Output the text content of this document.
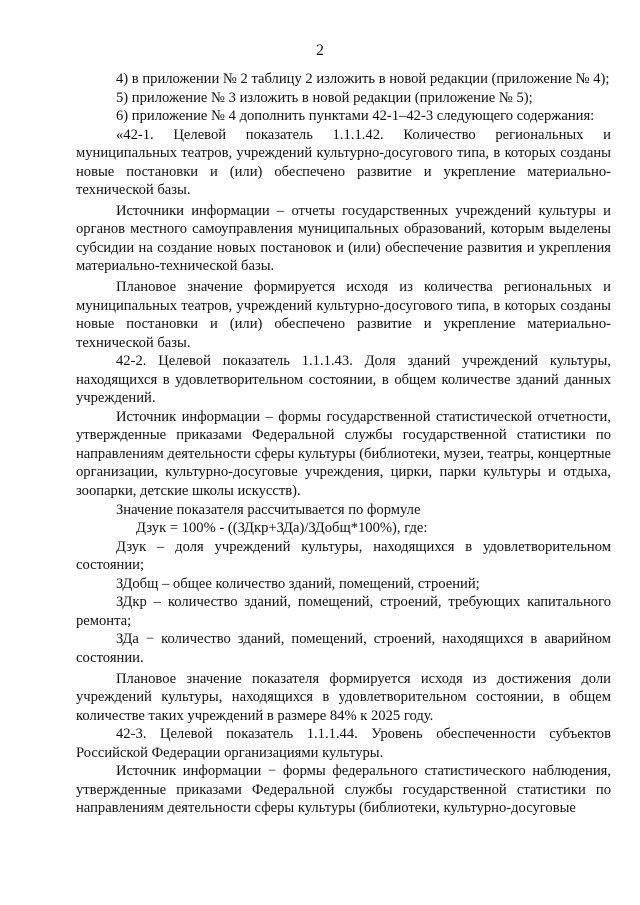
2

4) в приложении № 2 таблицу 2 изложить в новой редакции (приложение № 4);

5) приложение № 3 изложить в новой редакции (приложение № 5);

6) приложение № 4 дополнить пунктами 42-1–42-3 следующего содержания:

«42-1. Целевой показатель 1.1.1.42. Количество региональных и муниципальных театров, учреждений культурно-досугового типа, в которых созданы новые постановки и (или) обеспечено развитие и укрепление материально-технической базы.

Источники информации – отчеты государственных учреждений культуры и органов местного самоуправления муниципальных образований, которым выделены субсидии на создание новых постановок и (или) обеспечение развития и укрепления материально-технической базы.

Плановое значение формируется исходя из количества региональных и муниципальных театров, учреждений культурно-досугового типа, в которых созданы новые постановки и (или) обеспечено развитие и укрепление материально-технической базы.

42-2. Целевой показатель 1.1.1.43. Доля зданий учреждений культуры, находящихся в удовлетворительном состоянии, в общем количестве зданий данных учреждений.

Источник информации – формы государственной статистической отчетности, утвержденные приказами Федеральной службы государственной статистики по направлениям деятельности сферы культуры (библиотеки, музеи, театры, концертные организации, культурно-досуговые учреждения, цирки, парки культуры и отдыха, зоопарки, детские школы искусств).

Значение показателя рассчитывается по формуле

Дзук = 100% - ((ЗДкр+ЗДа)/ЗДобщ*100%), где:

Дзук – доля учреждений культуры, находящихся в удовлетворительном состоянии;

ЗДобщ – общее количество зданий, помещений, строений;

ЗДкр – количество зданий, помещений, строений, требующих капитального ремонта;

ЗДа − количество зданий, помещений, строений, находящихся в аварийном состоянии.

Плановое значение показателя формируется исходя из достижения доли учреждений культуры, находящихся в удовлетворительном состоянии, в общем количестве таких учреждений в размере 84% к 2025 году.

42-3. Целевой показатель 1.1.1.44. Уровень обеспеченности субъектов Российской Федерации организациями культуры.

Источник информации − формы федерального статистического наблюдения, утвержденные приказами Федеральной службы государственной статистики по направлениям деятельности сферы культуры (библиотеки, культурно-досуговые
